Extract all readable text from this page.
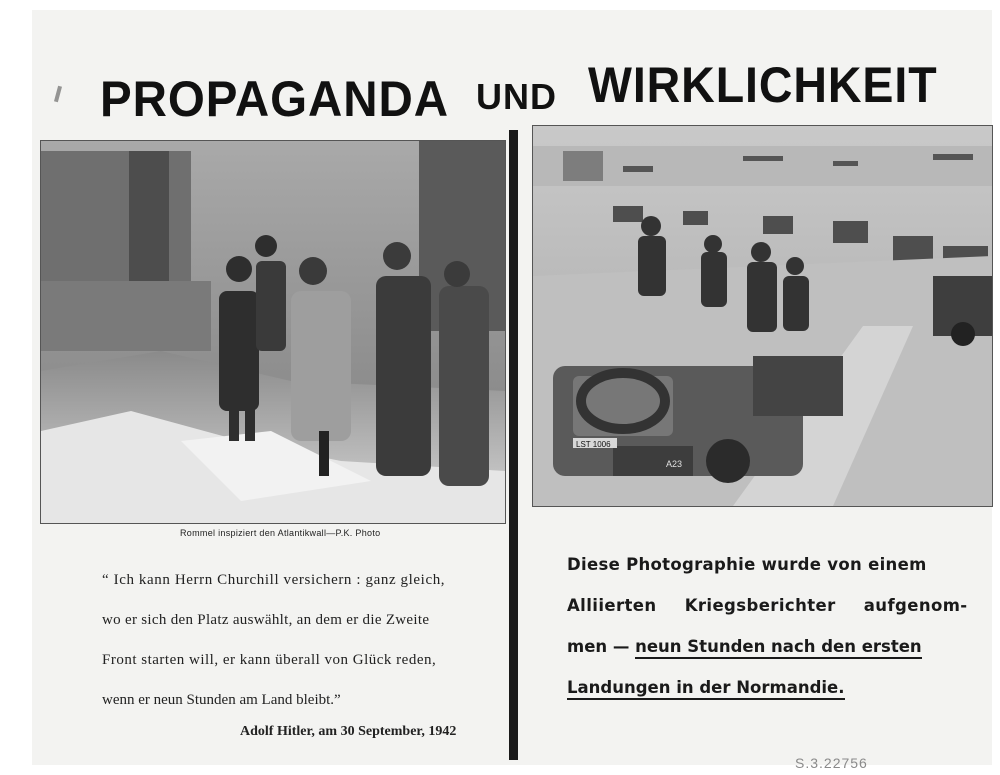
PROPAGANDA UND WIRKLICHKEIT
Rommel inspiziert den Atlantikwall—P.K. Photo
“ Ich kann Herrn Churchill versichern : ganz gleich,
wo er sich den Platz auswählt, an dem er die Zweite
Front starten will, er kann überall von Glück reden,
wenn er neun Stunden am Land bleibt.”
Adolf Hitler, am 30 September, 1942
LST 1006
A23
Diese Photographie wurde von einem
Alliierten Kriegsberichter aufgenom-
men — neun Stunden nach den ersten
Landungen in der Normandie.
S.3.22756
